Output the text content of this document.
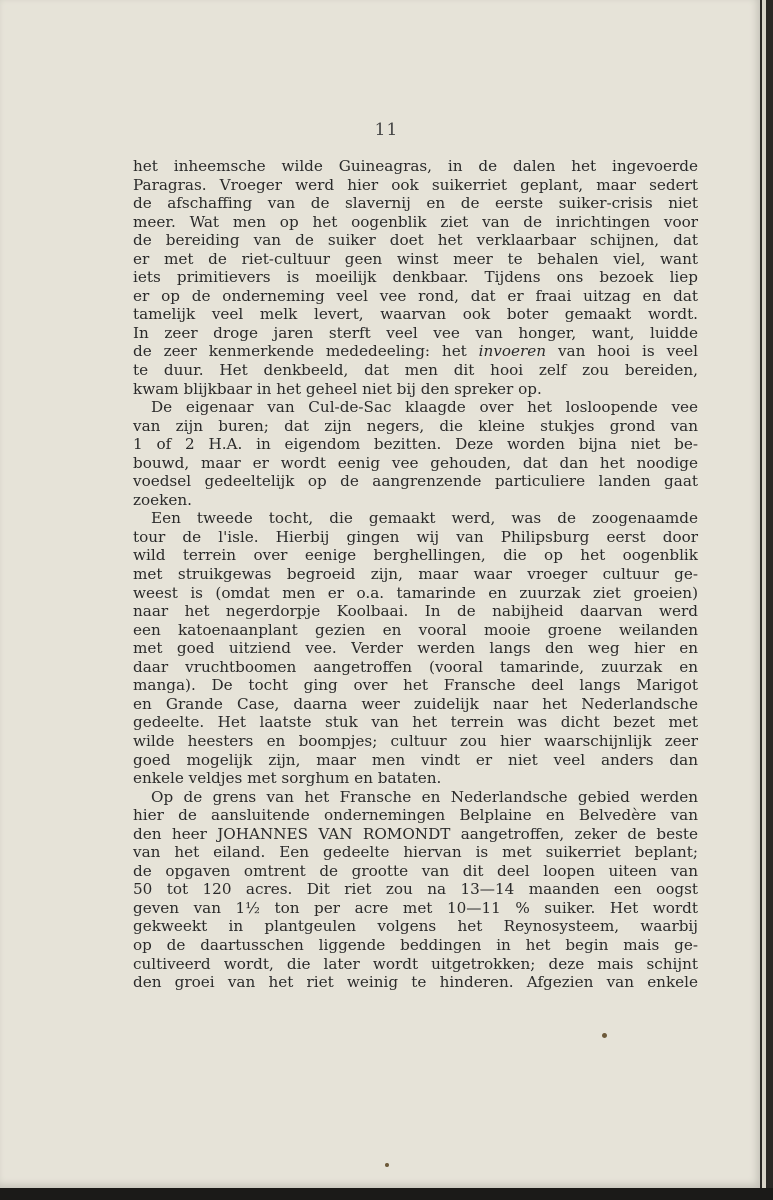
11
het inheemsche wilde Guineagras, in de dalen het ingevoerde
Paragras. Vroeger werd hier ook suikerriet geplant, maar sedert
de afschaffing van de slavernij en de eerste suiker-crisis niet
meer. Wat men op het oogenblik ziet van de inrichtingen voor
de bereiding van de suiker doet het verklaarbaar schijnen, dat
er met de riet-cultuur geen winst meer te behalen viel, want
iets primitievers is moeilijk denkbaar. Tijdens ons bezoek liep
er op de onderneming veel vee rond, dat er fraai uitzag en dat
tamelijk veel melk levert, waarvan ook boter gemaakt wordt.
In zeer droge jaren sterft veel vee van honger, want, luidde
de zeer kenmerkende mededeeling: het invoeren van hooi is veel
te duur. Het denkbeeld, dat men dit hooi zelf zou bereiden,
kwam blijkbaar in het geheel niet bij den spreker op.
De eigenaar van Cul-de-Sac klaagde over het losloopende vee
van zijn buren; dat zijn negers, die kleine stukjes grond van
1 of 2 H.A. in eigendom bezitten. Deze worden bijna niet be-
bouwd, maar er wordt eenig vee gehouden, dat dan het noodige
voedsel gedeeltelijk op de aangrenzende particuliere landen gaat
zoeken.
Een tweede tocht, die gemaakt werd, was de zoogenaamde
tour de l'isle. Hierbij gingen wij van Philipsburg eerst door
wild terrein over eenige berghellingen, die op het oogenblik
met struikgewas begroeid zijn, maar waar vroeger cultuur ge-
weest is (omdat men er o.a. tamarinde en zuurzak ziet groeien)
naar het negerdorpje Koolbaai. In de nabijheid daarvan werd
een katoenaanplant gezien en vooral mooie groene weilanden
met goed uitziend vee. Verder werden langs den weg hier en
daar vruchtboomen aangetroffen (vooral tamarinde, zuurzak en
manga). De tocht ging over het Fransche deel langs Marigot
en Grande Case, daarna weer zuidelijk naar het Nederlandsche
gedeelte. Het laatste stuk van het terrein was dicht bezet met
wilde heesters en boompjes; cultuur zou hier waarschijnlijk zeer
goed mogelijk zijn, maar men vindt er niet veel anders dan
enkele veldjes met sorghum en bataten.
Op de grens van het Fransche en Nederlandsche gebied werden
hier de aansluitende ondernemingen Belplaine en Belvedère van
den heer JOHANNES VAN ROMONDT aangetroffen, zeker de beste
van het eiland. Een gedeelte hiervan is met suikerriet beplant;
de opgaven omtrent de grootte van dit deel loopen uiteen van
50 tot 120 acres. Dit riet zou na 13—14 maanden een oogst
geven van 1½ ton per acre met 10—11 % suiker. Het wordt
gekweekt in plantgeulen volgens het Reynosysteem, waarbij
op de daartusschen liggende beddingen in het begin mais ge-
cultiveerd wordt, die later wordt uitgetrokken; deze mais schijnt
den groei van het riet weinig te hinderen. Afgezien van enkele
